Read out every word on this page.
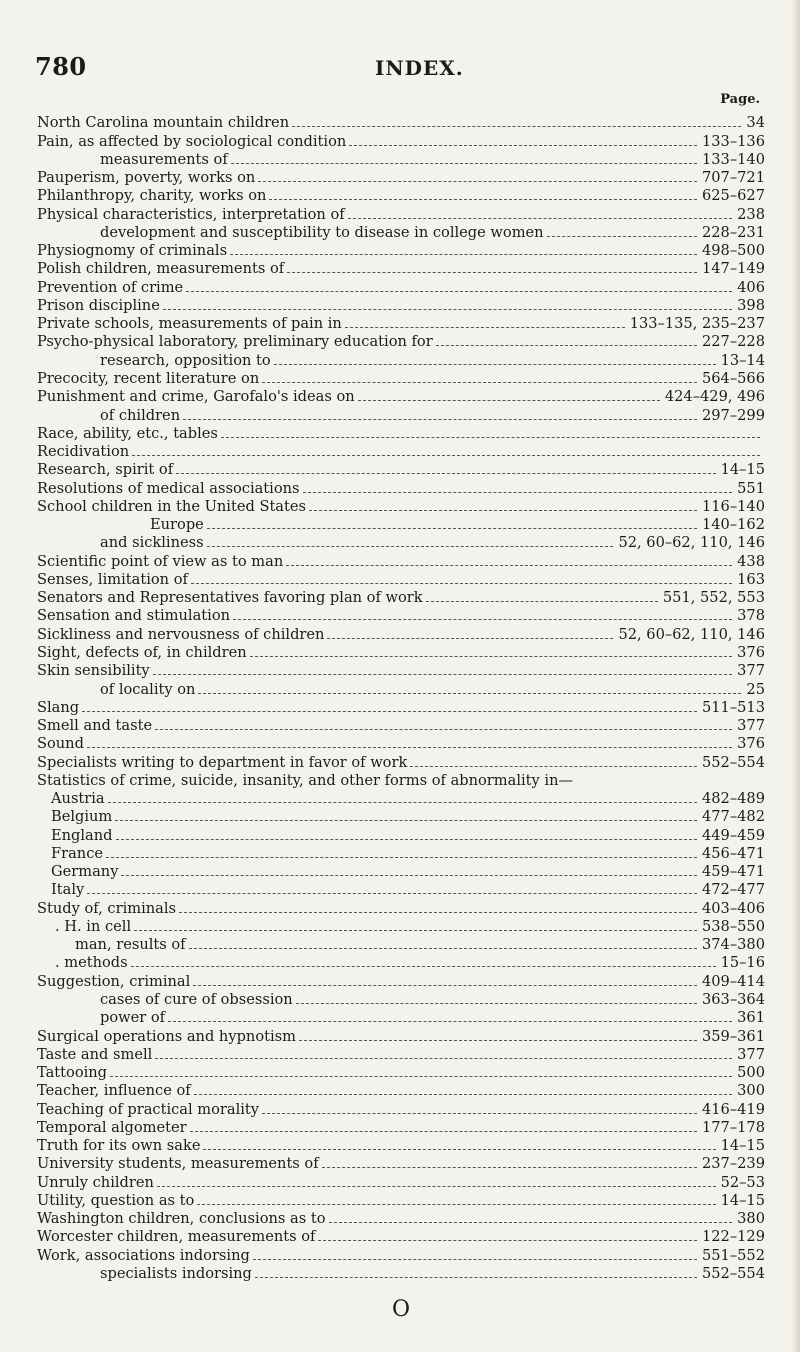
780	INDEX.
Page.
North Carolina mountain children	34
Pain, as affected by sociological condition	133–136
measurements of	133–140
Pauperism, poverty, works on	707–721
Philanthropy, charity, works on	625–627
Physical characteristics, interpretation of	238
development and susceptibility to disease in college women	228–231
Physiognomy of criminals	498–500
Polish children, measurements of	147–149
Prevention of crime	406
Prison discipline	398
Private schools, measurements of pain in	133–135, 235–237
Psycho-physical laboratory, preliminary education for	227–228
research, opposition to	13–14
Precocity, recent literature on	564–566
Punishment and crime, Garofalo's ideas on	424–429, 496
of children	297–299
Race, ability, etc., tables
Recidivation
Research, spirit of	14–15
Resolutions of medical associations	551
School children in the United States	116–140
Europe	140–162
and sickliness	52, 60–62, 110, 146
Scientific point of view as to man	438
Senses, limitation of	163
Senators and Representatives favoring plan of work	551, 552, 553
Sensation and stimulation	378
Sickliness and nervousness of children	52, 60–62, 110, 146
Sight, defects of, in children	376
Skin sensibility	377
of locality on	25
Slang	511–513
Smell and taste	377
Sound	376
Specialists writing to department in favor of work	552–554
Statistics of crime, suicide, insanity, and other forms of abnormality in—
Austria	482–489
Belgium	477–482
England	449–459
France	456–471
Germany	459–471
Italy	472–477
Study of, criminals	403–406
. H. in cell	538–550
man, results of	374–380
. methods	15–16
Suggestion, criminal	409–414
cases of cure of obsession	363–364
power of	361
Surgical operations and hypnotism	359–361
Taste and smell	377
Tattooing	500
Teacher, influence of	300
Teaching of practical morality	416–419
Temporal algometer	177–178
Truth for its own sake	14–15
University students, measurements of	237–239
Unruly children	52–53
Utility, question as to	14–15
Washington children, conclusions as to	380
Worcester children, measurements of	122–129
Work, associations indorsing	551–552
specialists indorsing	552–554
O
